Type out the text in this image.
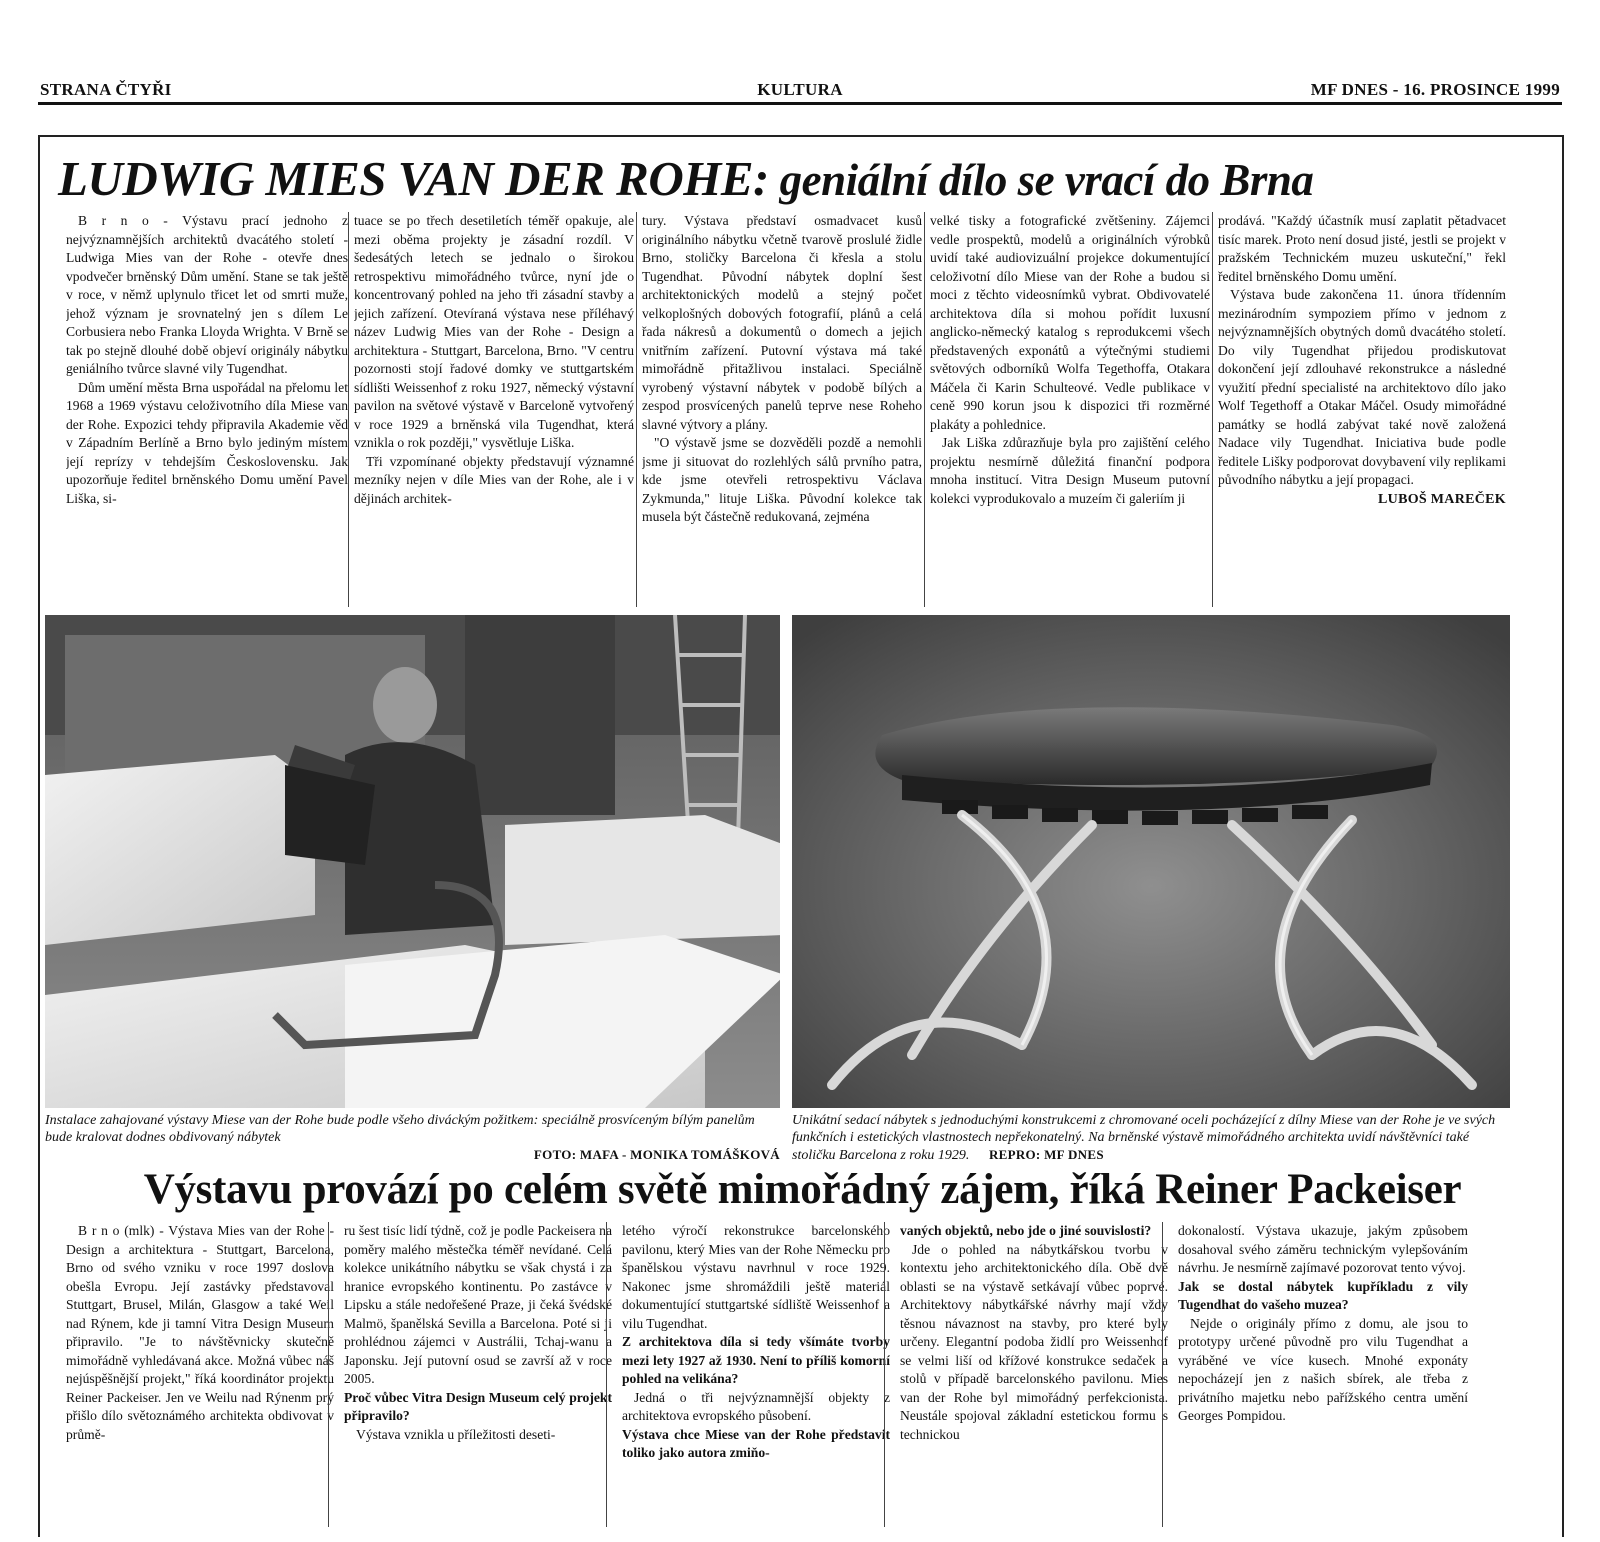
STRANA ČTYŘI	KULTURA	MF DNES - 16. PROSINCE 1999
LUDWIG MIES VAN DER ROHE: geniální dílo se vrací do Brna

B r n o - Výstavu prací jednoho z nejvýznamnějších architektů dvacátého století - Ludwiga Mies van der Rohe - otevře dnes vpodvečer brněnský Dům umění. Stane se tak ještě v roce, v němž uplynulo třicet let od smrti muže, jehož význam je srovnatelný jen s dílem Le Corbusiera nebo Franka Lloyda Wrighta. V Brně se tak po stejně dlouhé době objeví originály nábytku geniálního tvůrce slavné vily Tugendhat.

Dům umění města Brna uspořádal na přelomu let 1968 a 1969 výstavu celoživotního díla Miese van der Rohe. Expozici tehdy připravila Akademie věd v Západním Berlíně a Brno bylo jediným místem její reprízy v tehdejším Československu. Jak upozorňuje ředitel brněnského Domu umění Pavel Liška, si-

tuace se po třech desetiletích téměř opakuje, ale mezi oběma projekty je zásadní rozdíl. V šedesátých letech se jednalo o širokou retrospektivu mimořádného tvůrce, nyní jde o koncentrovaný pohled na jeho tři zásadní stavby a jejich zařízení. Otevíraná výstava nese příléhavý název Ludwig Mies van der Rohe - Design a architektura - Stuttgart, Barcelona, Brno. "V centru pozornosti stojí řadové domky ve stuttgartském sídlišti Weissenhof z roku 1927, německý výstavní pavilon na světové výstavě v Barceloně vytvořený v roce 1929 a brněnská vila Tugendhat, která vznikla o rok později," vysvětluje Liška.

Tři vzpomínané objekty představují významné mezníky nejen v díle Mies van der Rohe, ale i v dějinách architek-

tury. Výstava představí osmadvacet kusů originálního nábytku včetně tvarově proslulé židle Brno, stoličky Barcelona či křesla a stolu Tugendhat. Původní nábytek doplní šest architektonických modelů a stejný počet velkoplošných dobových fotografií, plánů a celá řada nákresů a dokumentů o domech a jejich vnitřním zařízení. Putovní výstava má také mimořádně přitažlivou instalaci. Speciálně vyrobený výstavní nábytek v podobě bílých a zespod prosvícených panelů teprve nese Roheho slavné výtvory a plány.

"O výstavě jsme se dozvěděli pozdě a nemohli jsme ji situovat do rozlehlých sálů prvního patra, kde jsme otevřeli retrospektivu Václava Zykmunda," lituje Liška. Původní kolekce tak musela být částečně redukovaná, zejména

velké tisky a fotografické zvětšeniny. Zájemci vedle prospektů, modelů a originálních výrobků uvidí také audiovizuální projekce dokumentující celoživotní dílo Miese van der Rohe a budou si moci z těchto videosnímků vybrat. Obdivovatelé architektova díla si mohou pořídit luxusní anglicko-německý katalog s reprodukcemi všech představených exponátů a výtečnými studiemi světových odborníků Wolfa Tegethoffa, Otakara Máčela či Karin Schulteové. Vedle publikace v ceně 990 korun jsou k dispozici tři rozměrné plakáty a pohlednice.

Jak Liška zdůrazňuje byla pro zajištění celého projektu nesmírně důležitá finanční podpora mnoha institucí. Vitra Design Museum putovní kolekci vyprodukovalo a muzeím či galeriím ji

prodává. "Každý účastník musí zaplatit pětadvacet tisíc marek. Proto není dosud jisté, jestli se projekt v pražském Technickém muzeu uskuteční," řekl ředitel brněnského Domu umění.

Výstava bude zakončena 11. února třídenním mezinárodním sympoziem přímo v jednom z nejvýznamnějších obytných domů dvacátého století. Do vily Tugendhat přijedou prodiskutovat dokončení její zdlouhavé rekonstrukce a následné využití přední specialisté na architektovo dílo jako Wolf Tegethoff a Otakar Máčel. Osudy mimořádné památky se hodlá zabývat také nově založená Nadace vily Tugendhat. Iniciativa bude podle ředitele Lišky podporovat dovybavení vily replikami původního nábytku a její propagaci.

LUBOŠ MAREČEK
Instalace zahajované výstavy Miese van der Rohe bude podle všeho diváckým požitkem: speciálně prosvíceným bílým panelům bude kralovat dodnes obdivovaný nábytek
FOTO: MAFA - MONIKA TOMÁŠKOVÁ
Unikátní sedací nábytek s jednoduchými konstrukcemi z chromované oceli pocházející z dílny Miese van der Rohe je ve svých funkčních i estetických vlastnostech nepřekonatelný. Na brněnské výstavě mimořádného architekta uvidí návštěvníci také stoličku Barcelona z roku 1929. REPRO: MF DNES
Výstavu provází po celém světě mimořádný zájem, říká Reiner Packeiser

B r n o (mlk) - Výstava Mies van der Rohe - Design a architektura - Stuttgart, Barcelona, Brno od svého vzniku v roce 1997 doslova obešla Evropu. Její zastávky představoval Stuttgart, Brusel, Milán, Glasgow a také Weil nad Rýnem, kde ji tamní Vitra Design Museum připravilo. "Je to návštěvnicky skutečně mimořádně vyhledávaná akce. Možná vůbec náš nejúspěšnější projekt," říká koordinátor projektu Reiner Packeiser. Jen ve Weilu nad Rýnenm prý přišlo dílo světoznámého architekta obdivovat v průmě-

ru šest tisíc lidí týdně, což je podle Packeisera na poměry malého městečka téměř nevídané. Celá kolekce unikátního nábytku se však chystá i za hranice evropského kontinentu. Po zastávce v Lipsku a stále nedořešené Praze, ji čeká švédské Malmö, španělská Sevilla a Barcelona. Poté si ji prohlédnou zájemci v Austrálii, Tchaj-wanu a Japonsku. Její putovní osud se završí až v roce 2005.

Proč vůbec Vitra Design Museum celý projekt připravilo?

Výstava vznikla u příležitosti deseti-

letého výročí rekonstrukce barcelonského pavilonu, který Mies van der Rohe Německu pro španělskou výstavu navrhnul v roce 1929. Nakonec jsme shromáždili ještě materiál dokumentující stuttgartské sídliště Weissenhof a vilu Tugendhat.

Z architektova díla si tedy všímáte tvorby mezi lety 1927 až 1930. Není to příliš komorní pohled na velikána?

Jedná o tři nejvýznamnější objekty z architektova evropského působení.

Výstava chce Miese van der Rohe představit toliko jako autora zmiňo-

vaných objektů, nebo jde o jiné souvislosti?

Jde o pohled na nábytkářskou tvorbu v kontextu jeho architektonického díla. Obě dvě oblasti se na výstavě setkávají vůbec poprvé. Architektovy nábytkářské návrhy mají vždy těsnou návaznost na stavby, pro které byly určeny. Elegantní podoba židlí pro Weissenhof se velmi liší od křížové konstrukce sedaček a stolů v případě barcelonského pavilonu. Mies van der Rohe byl mimořádný perfekcionista. Neustále spojoval základní estetickou formu s technickou

dokonalostí. Výstava ukazuje, jakým způsobem dosahoval svého záměru technickým vylepšováním návrhu. Je nesmírně zajímavé pozorovat tento vývoj.

Jak se dostal nábytek kupříkladu z vily Tugendhat do vašeho muzea?

Nejde o originály přímo z domu, ale jsou to prototypy určené původně pro vilu Tugendhat a vyráběné ve více kusech. Mnohé exponáty nepocházejí jen z našich sbírek, ale třeba z privátního majetku nebo pařížského centra umění Georges Pompidou.
